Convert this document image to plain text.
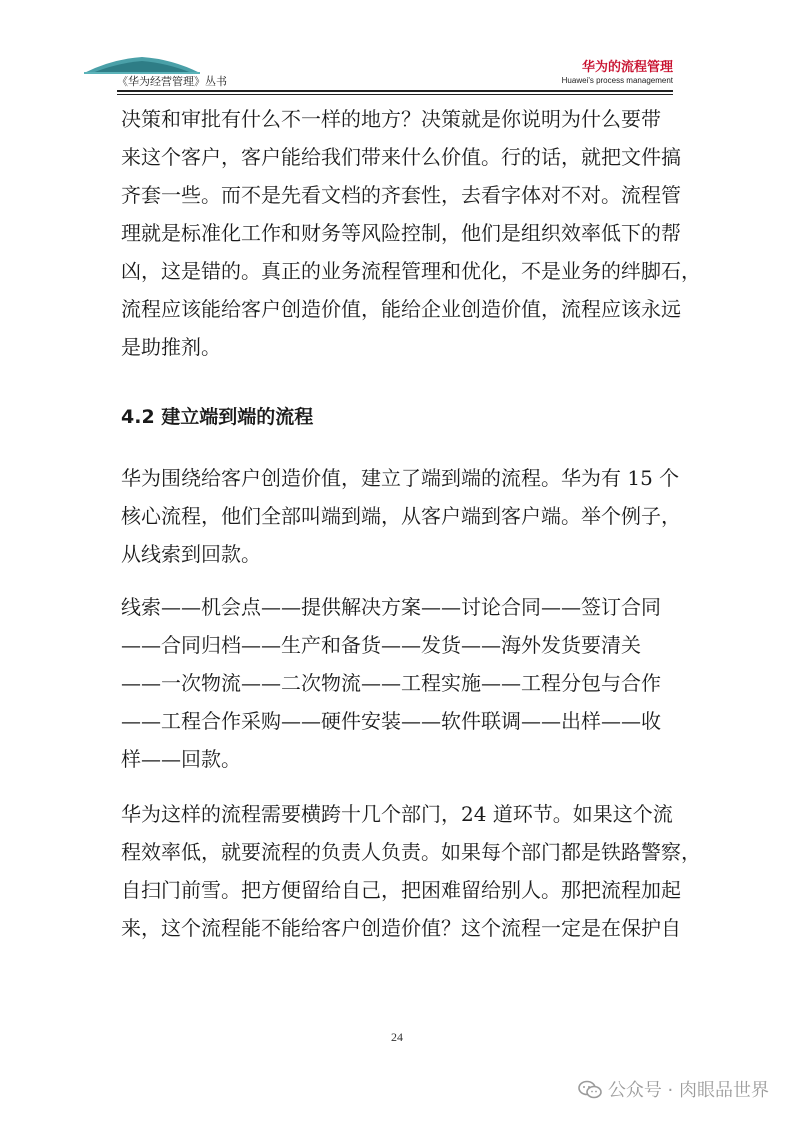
《华为经营管理》丛书
华为的流程管理
Huawei's process management
决策和审批有什么不一样的地方？决策就是你说明为什么要带
来这个客户，客户能给我们带来什么价值。行的话，就把文件搞
齐套一些。而不是先看文档的齐套性，去看字体对不对。流程管
理就是标准化工作和财务等风险控制，他们是组织效率低下的帮
凶，这是错的。真正的业务流程管理和优化，不是业务的绊脚石，
流程应该能给客户创造价值，能给企业创造价值，流程应该永远
是助推剂。
4.2 建立端到端的流程
华为围绕给客户创造价值，建立了端到端的流程。华为有 15 个
核心流程，他们全部叫端到端，从客户端到客户端。举个例子，
从线索到回款。
线索——机会点——提供解决方案——讨论合同——签订合同
——合同归档——生产和备货——发货——海外发货要清关
——一次物流——二次物流——工程实施——工程分包与合作
——工程合作采购——硬件安装——软件联调——出样——收
样——回款。
华为这样的流程需要横跨十几个部门，24 道环节。如果这个流
程效率低，就要流程的负责人负责。如果每个部门都是铁路警察，
自扫门前雪。把方便留给自己，把困难留给别人。那把流程加起
来，这个流程能不能给客户创造价值？这个流程一定是在保护自
24
公众号 · 肉眼品世界
